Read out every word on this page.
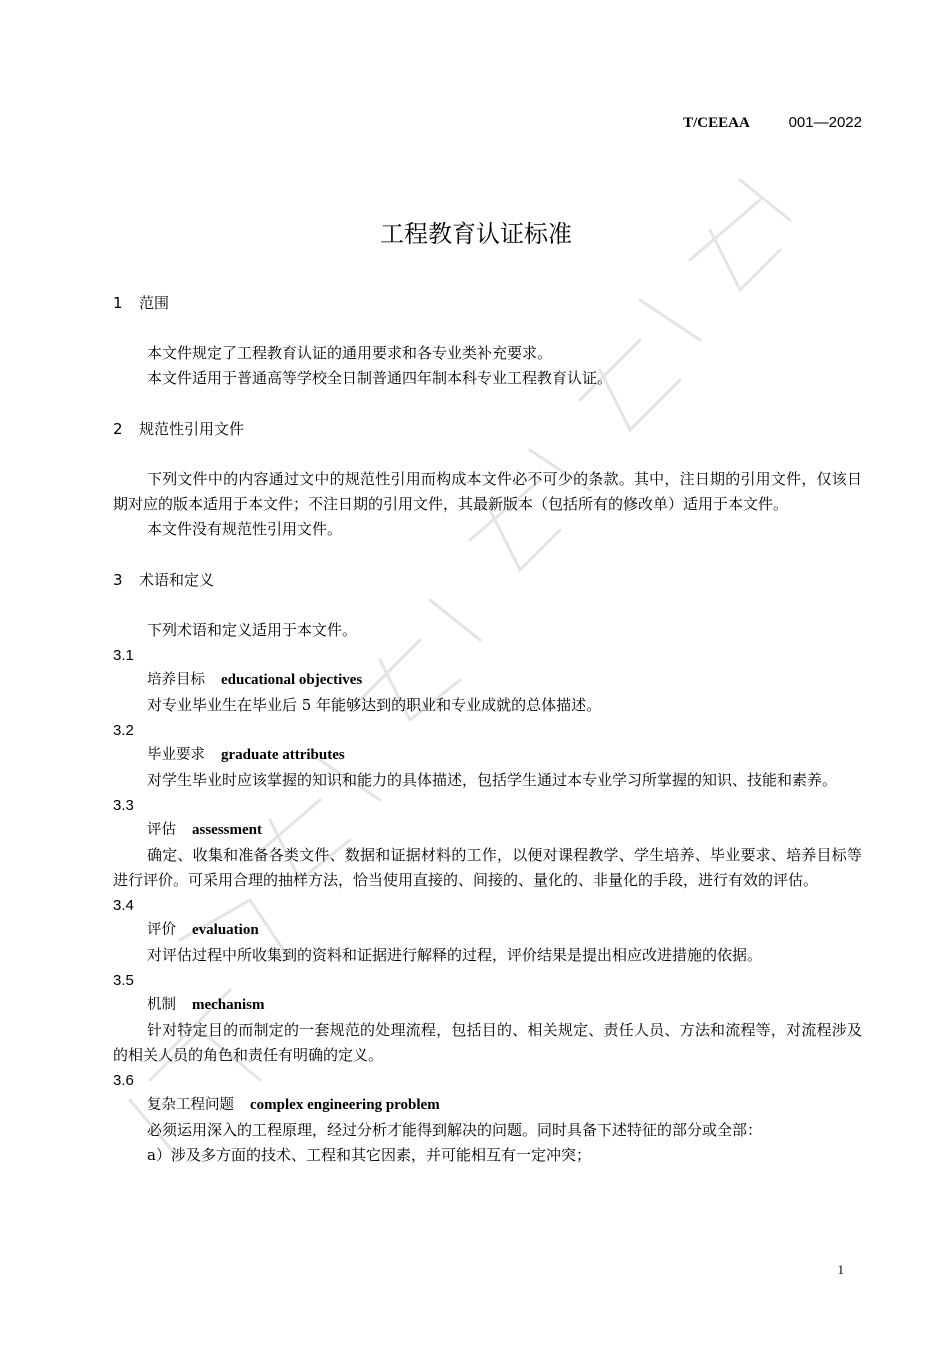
T/CEEAA	001—2022
工程教育认证标准
1 范围

本文件规定了工程教育认证的通用要求和各专业类补充要求。

本文件适用于普通高等学校全日制普通四年制本科专业工程教育认证。

2 规范性引用文件

下列文件中的内容通过文中的规范性引用而构成本文件必不可少的条款。其中，注日期的引用文件，仅该日期对应的版本适用于本文件；不注日期的引用文件，其最新版本（包括所有的修改单）适用于本文件。

本文件没有规范性引用文件。

3 术语和定义

下列术语和定义适用于本文件。

3.1

培养目标 educational objectives

对专业毕业生在毕业后 5 年能够达到的职业和专业成就的总体描述。

3.2

毕业要求 graduate attributes

对学生毕业时应该掌握的知识和能力的具体描述，包括学生通过本专业学习所掌握的知识、技能和素养。

3.3

评估 assessment

确定、收集和准备各类文件、数据和证据材料的工作，以便对课程教学、学生培养、毕业要求、培养目标等进行评价。可采用合理的抽样方法，恰当使用直接的、间接的、量化的、非量化的手段，进行有效的评估。

3.4

评价 evaluation

对评估过程中所收集到的资料和证据进行解释的过程，评价结果是提出相应改进措施的依据。

3.5

机制 mechanism

针对特定目的而制定的一套规范的处理流程，包括目的、相关规定、责任人员、方法和流程等，对流程涉及的相关人员的角色和责任有明确的定义。

3.6

复杂工程问题 complex engineering problem

必须运用深入的工程原理，经过分析才能得到解决的问题。同时具备下述特征的部分或全部：

a）涉及多方面的技术、工程和其它因素，并可能相互有一定冲突；

1
